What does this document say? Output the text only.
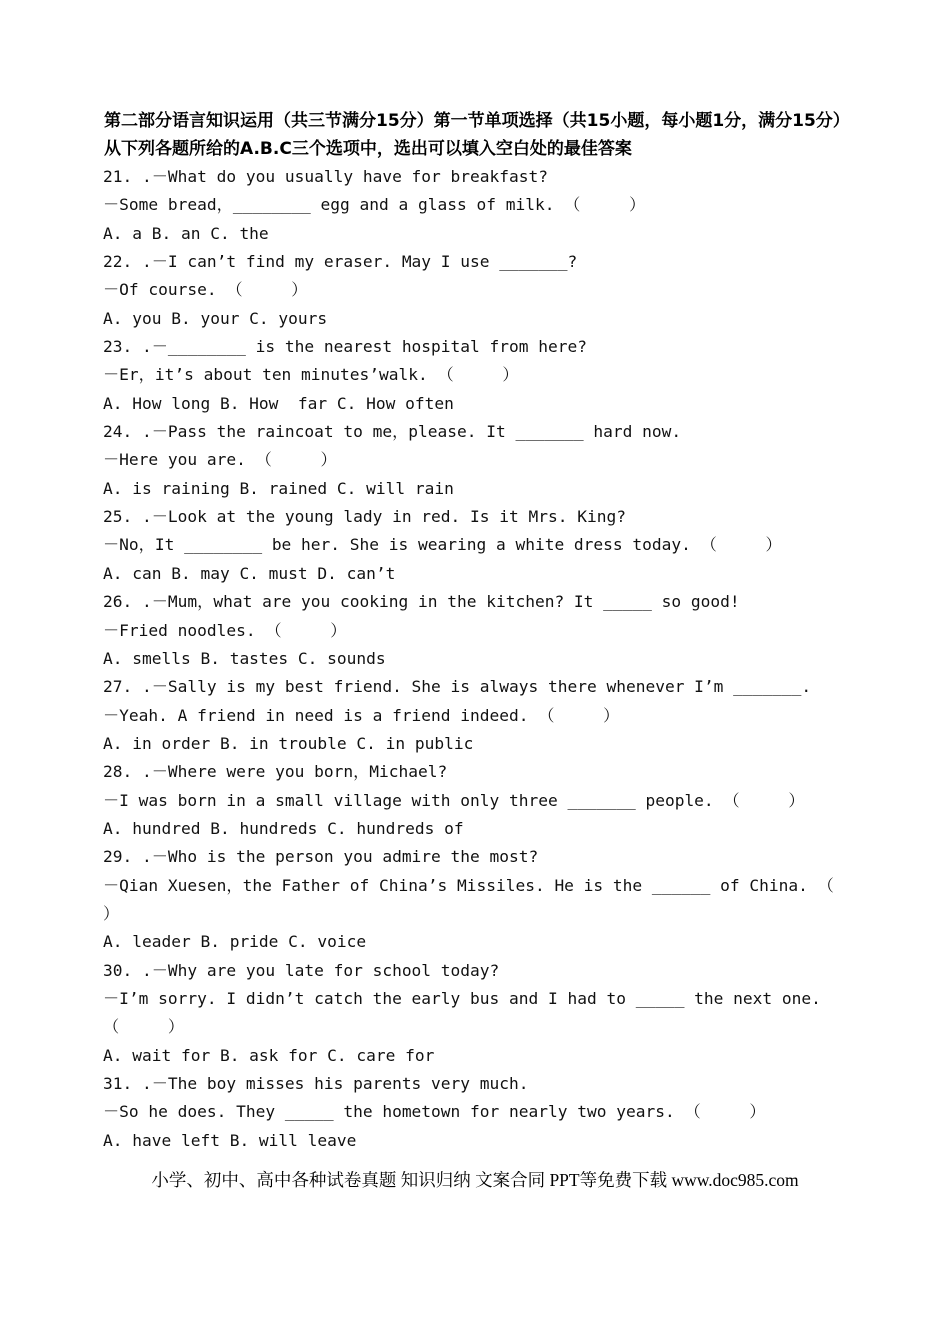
第二部分语言知识运用（共三节满分15分）第一节单项选择（共15小题，每小题1分，满分15分）从下列各题所给的A.B.C三个选项中，选出可以填入空白处的最佳答案

21. .－What do you usually have for breakfast?
－Some bread，________ egg and a glass of milk. （     ）
A. a B. an C. the
22. .－I can’t find my eraser. May I use _______?
－Of course. （     ）
A. you B. your C. yours
23. .－________ is the nearest hospital from here?
－Er，it’s about ten minutes’walk. （     ）
A. How long B. How  far C. How often
24. .－Pass the raincoat to me，please. It _______ hard now.
－Here you are. （     ）
A. is raining B. rained C. will rain
25. .－Look at the young lady in red. Is it Mrs. King?
－No，It ________ be her. She is wearing a white dress today. （     ）
A. can B. may C. must D. can’t
26. .－Mum，what are you cooking in the kitchen? It _____ so good!
－Fried noodles. （     ）
A. smells B. tastes C. sounds
27. .－Sally is my best friend. She is always there whenever I’m _______.
－Yeah. A friend in need is a friend indeed. （     ）
A. in order B. in trouble C. in public
28. .－Where were you born，Michael?
－I was born in a small village with only three _______ people. （     ）
A. hundred B. hundreds C. hundreds of
29. .－Who is the person you admire the most?
－Qian Xuesen，the Father of China’s Missiles. He is the ______ of China. （
）
A. leader B. pride C. voice
30. .－Why are you late for school today?
－I’m sorry. I didn’t catch the early bus and I had to _____ the next one.
（     ）
A. wait for B. ask for C. care for
31. .－The boy misses his parents very much.
－So he does. They _____ the hometown for nearly two years. （     ）
A. have left B. will leave
小学、初中、高中各种试卷真题 知识归纳 文案合同 PPT等免费下载 www.doc985.com
